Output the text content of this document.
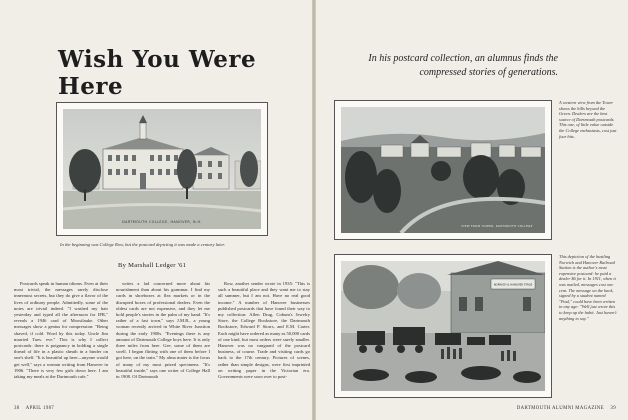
Wish You Were Here
DARTMOUTH COLLEGE, HANOVER, N.H.

In the beginning was College Row, but the postcard depicting it was made a century later.

By Marshall Ledger '61

Postcards speak in human idioms. Even at their most trivial, the messages rarely disclose innermost secrets, but they do give a flavor of the lives of ordinary people. Admittedly, some of the notes are trivial indeed. "I washed my hair yesterday and typed all the afternoon for IFR," reveals a 1946 card of Moosilauke. Other messages show a genius for compression: "Being shaved, if cold. Word by this today. Uncle Jim married Tues. eve." This is why I collect postcards: there is poignancy in holding a single thread of life in a plastic sheath in a binder on one's shelf. "It is beautiful up here—anyone would get well," says a woman writing from Hanover in 1906. "There is very few girls down here. I am taking my meals at the Dartmouth cafe,"

writes a lad concerned more about his nourishment than about his grammar. I find my cards in shoeboxes at flea markets or in the disrupted boxes of professional dealers. Even the oldest cards are not expensive, and they let me hold people's stories in the palm of my hand. "It's rather of a fast town," says J.M.R., a young woman recently arrived in White River Junction during the early 1900s. "Evenings there is any amount of Dartmouth College boys here. It is only three miles from here. Gee, some of them are swell. I began flirting with one of them before I got here, on the train." My alma mater is the focus of many of my most prized specimens. "It's beautiful inside," says one writer of College Hall in 1908. Of Dartmouth

Row, another sender wrote in 1935: "This is such a beautiful place and they want me to stay all summer, but I am not. Have no real good income." A number of Hanover businesses published postcards that have found their way to my collection: Allen Drug, Cobum's Jewelry Store, the College Bookstore, the Dartmouth Bookstore, Edward P. Storrs, and E.M. Carter. Each might have ordered as many as 50,000 cards of one kind, but most orders were surely smaller. Hanover was no vanguard of the postcard business, of course. Trade and visiting cards go back to the 17th century. Pictures of scenes, rather than simple designs, were first imprinted on writing paper in the Victorian era. Governments were soon over to post-

38 APRIL 1987

In his postcard collection, an alumnus finds the compressed stories of generations.

VIEW FROM TOWER, DARTMOUTH COLLEGE

A western view from the Tower shows the hills beyond the Green. Dealers are the best source of Dartmouth postcards. This one, of little value outside the College enthusiasts, cost just four bits.

NORWICH & HANOVER STAGE

This depiction of the bustling Norwich and Hanover Railroad Station is the author's most expensive postcard: he paid a dealer $6 for it. In 1911, when it was mailed, messages cost one cent. The message on the back, signed by a student named "Paul," could have been written in any age: "Well just wrote this to keep up the habit. Just haven't anything to say."

DARTMOUTH ALUMNI MAGAZINE 39
